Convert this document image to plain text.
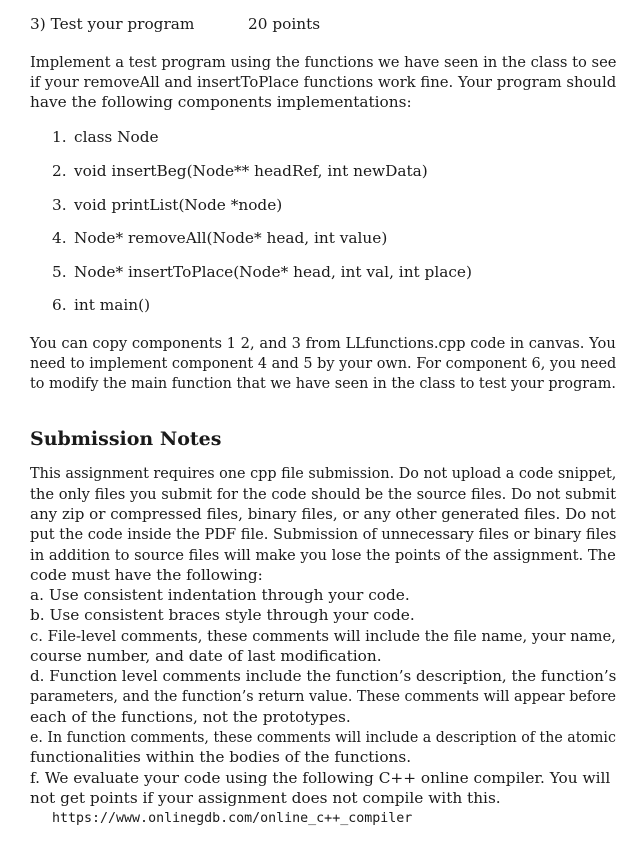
3) Test your program	20 points
Implement a test program using the functions we have seen in the class to see
if your removeAll and insertToPlace functions work fine. Your program should
have the following components implementations:
1. class Node
2. void insertBeg(Node** headRef, int newData)
3. void printList(Node *node)
4. Node* removeAll(Node* head, int value)
5. Node* insertToPlace(Node* head, int val, int place)
6. int main()
You can copy components 1 2, and 3 from LLfunctions.cpp code in canvas. You
need to implement component 4 and 5 by your own. For component 6, you need
to modify the main function that we have seen in the class to test your program.
Submission Notes
This assignment requires one cpp file submission. Do not upload a code snippet,
the only files you submit for the code should be the source files. Do not submit
any zip or compressed files, binary files, or any other generated files. Do not
put the code inside the PDF file. Submission of unnecessary files or binary files
in addition to source files will make you lose the points of the assignment. The
code must have the following:
a. Use consistent indentation through your code.
b. Use consistent braces style through your code.
c. File-level comments, these comments will include the file name, your name,
course number, and date of last modification.
d. Function level comments include the function’s description, the function’s
parameters, and the function’s return value. These comments will appear before
each of the functions, not the prototypes.
e. In function comments, these comments will include a description of the atomic
functionalities within the bodies of the functions.
f. We evaluate your code using the following C++ online compiler. You will
not get points if your assignment does not compile with this.
https://www.onlinegdb.com/online_c++_compiler
